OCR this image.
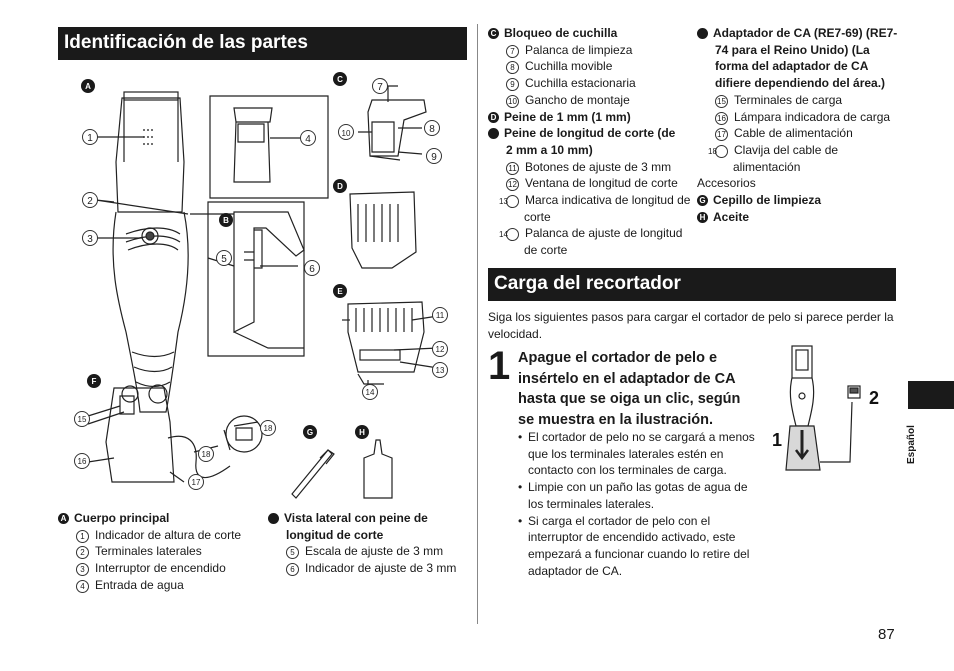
Identificación de las partes
A
C
D
E
B
F
G	H
1
2
3
4
5
6
7
10	8
9
11
12
13
14
15
16
17
18
18
A Cuerpo principal
1 Indicador de altura de corte
2 Terminales laterales
3 Interruptor de encendido
4 Entrada de agua
B Vista lateral con peine de longitud de corte
5 Escala de ajuste de 3 mm
6 Indicador de ajuste de 3 mm
C Bloqueo de cuchilla
7 Palanca de limpieza
8 Cuchilla movible
9 Cuchilla estacionaria
10 Gancho de montaje
D Peine de 1 mm (1 mm)
E Peine de longitud de corte (de 2 mm a 10 mm)
11 Botones de ajuste de 3 mm
12 Ventana de longitud de corte
13 Marca indicativa de longitud de corte
14 Palanca de ajuste de longitud de corte
F Adaptador de CA (RE7-69) (RE7-74 para el Reino Unido) (La forma del adaptador de CA difiere dependiendo del área.)
15 Terminales de carga
16 Lámpara indicadora de carga
17 Cable de alimentación
18 Clavija del cable de alimentación
Accesorios
G Cepillo de limpieza
H Aceite
Carga del recortador
Siga los siguientes pasos para cargar el cortador de pelo si parece perder la velocidad.
1 Apague el cortador de pelo e insértelo en el adaptador de CA hasta que se oiga un clic, según se muestra en la ilustración.
• El cortador de pelo no se cargará a menos que los terminales laterales estén en contacto con los terminales de carga.
• Limpie con un paño las gotas de agua de los terminales laterales.
• Si carga el cortador de pelo con el interruptor de encendido activado, este empezará a funcionar cuando lo retire del adaptador de CA.
1
2
Español
87
